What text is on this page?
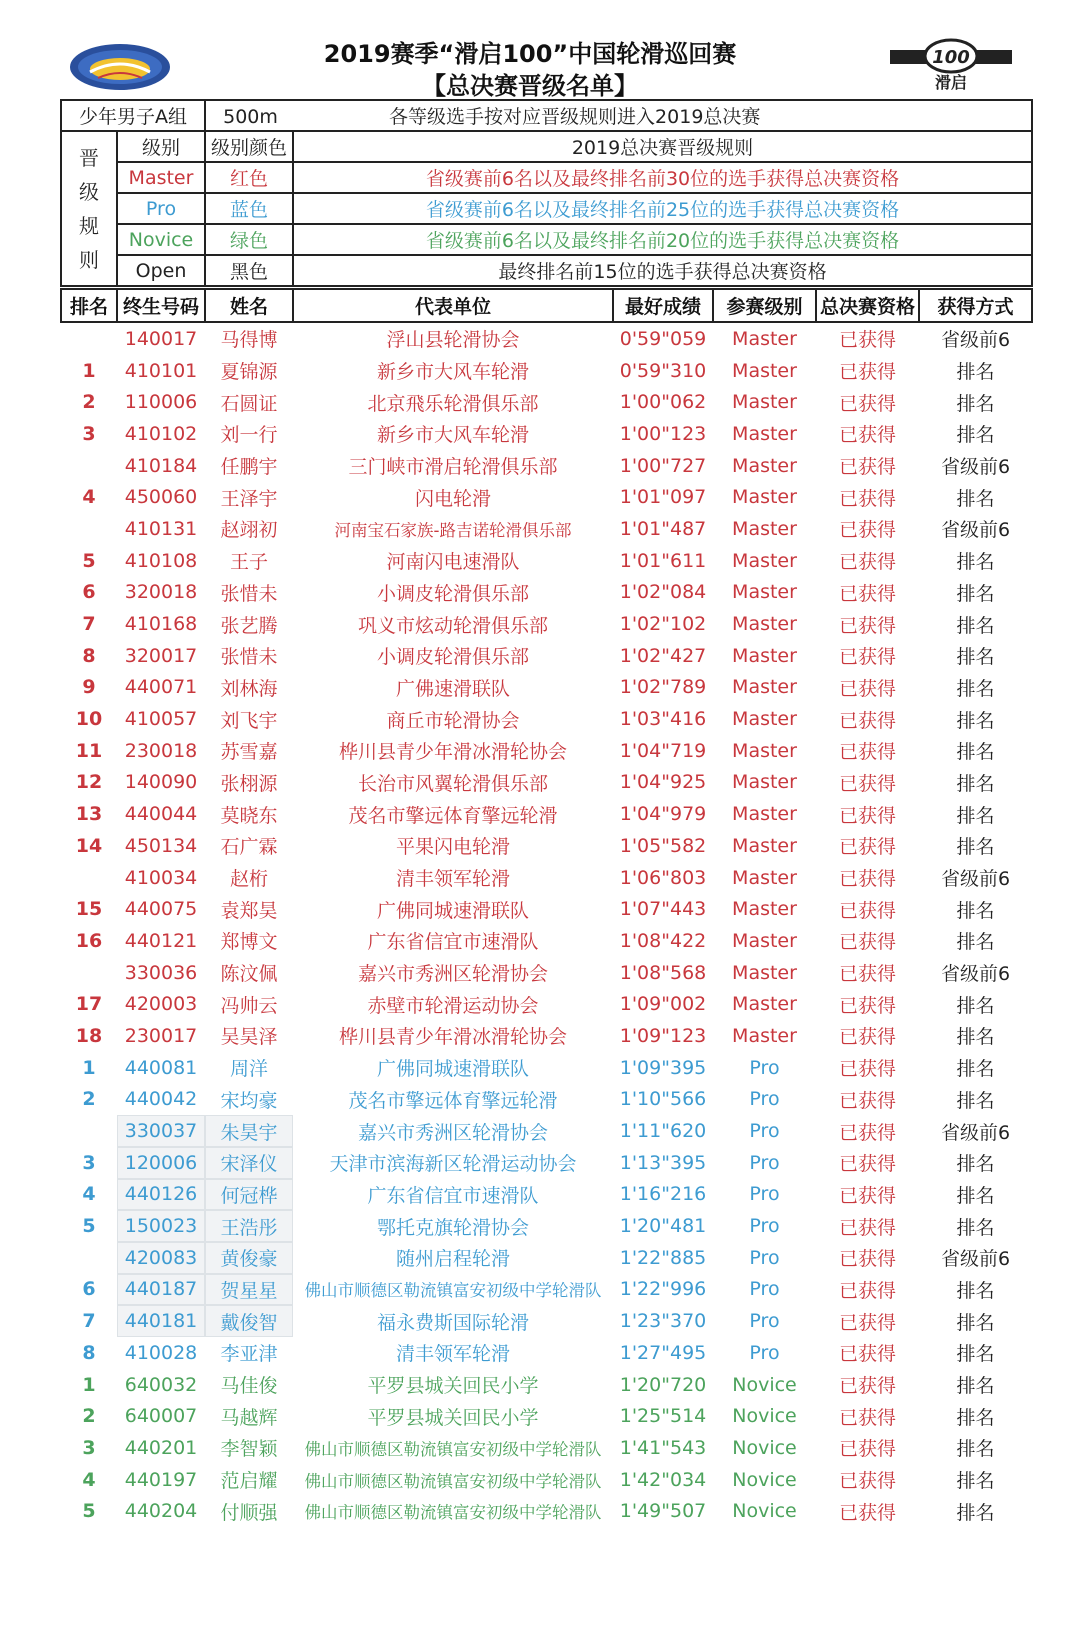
2019赛季“滑启100”中国轮滑巡回赛
【总决赛晋级名单】
100
滑启
少年男子A组		500m 各等级选手按对应晋级规则进入2019总决赛	

晋
级
规
则	级别	级别颜色	2019总决赛晋级规则
	Master	红色	省级赛前6名以及最终排名前30位的选手获得总决赛资格
	Pro	蓝色	省级赛前6名以及最终排名前25位的选手获得总决赛资格
	Novice	绿色	省级赛前6名以及最终排名前20位的选手获得总决赛资格
	Open	黑色	最终排名前15位的选手获得总决赛资格
排名	终生号码	姓名	代表单位	最好成绩	参赛级别	总决赛资格	获得方式
	140017	马得博	浮山县轮滑协会	0'59"059	Master	已获得	省级前6
1	410101	夏锦源	新乡市大风车轮滑	0'59"310	Master	已获得	排名
2	110006	石圆证	北京飛乐轮滑俱乐部	1'00"062	Master	已获得	排名
3	410102	刘一行	新乡市大风车轮滑	1'00"123	Master	已获得	排名
	410184	任鹏宇	三门峡市滑启轮滑俱乐部	1'00"727	Master	已获得	省级前6
4	450060	王泽宇	闪电轮滑	1'01"097	Master	已获得	排名
	410131	赵翊初	河南宝石家族-路吉诺轮滑俱乐部	1'01"487	Master	已获得	省级前6
5	410108	王子	河南闪电速滑队	1'01"611	Master	已获得	排名
6	320018	张惜未	小调皮轮滑俱乐部	1'02"084	Master	已获得	排名
7	410168	张艺腾	巩义市炫动轮滑俱乐部	1'02"102	Master	已获得	排名
8	320017	张惜未	小调皮轮滑俱乐部	1'02"427	Master	已获得	排名
9	440071	刘林海	广佛速滑联队	1'02"789	Master	已获得	排名
10	410057	刘飞宇	商丘市轮滑协会	1'03"416	Master	已获得	排名
11	230018	苏雪嘉	桦川县青少年滑冰滑轮协会	1'04"719	Master	已获得	排名
12	140090	张栩源	长治市风翼轮滑俱乐部	1'04"925	Master	已获得	排名
13	440044	莫晓东	茂名市擎远体育擎远轮滑	1'04"979	Master	已获得	排名
14	450134	石广霖	平果闪电轮滑	1'05"582	Master	已获得	排名
	410034	赵桁	清丰领军轮滑	1'06"803	Master	已获得	省级前6
15	440075	袁郑昊	广佛同城速滑联队	1'07"443	Master	已获得	排名
16	440121	郑博文	广东省信宜市速滑队	1'08"422	Master	已获得	排名
	330036	陈汶佩	嘉兴市秀洲区轮滑协会	1'08"568	Master	已获得	省级前6
17	420003	冯帅云	赤壁市轮滑运动协会	1'09"002	Master	已获得	排名
18	230017	吴昊泽	桦川县青少年滑冰滑轮协会	1'09"123	Master	已获得	排名
1	440081	周洋	广佛同城速滑联队	1'09"395	Pro	已获得	排名
2	440042	宋均豪	茂名市擎远体育擎远轮滑	1'10"566	Pro	已获得	排名
	330037	朱昊宇	嘉兴市秀洲区轮滑协会	1'11"620	Pro	已获得	省级前6
3	120006	宋泽仪	天津市滨海新区轮滑运动协会	1'13"395	Pro	已获得	排名
4	440126	何冠桦	广东省信宜市速滑队	1'16"216	Pro	已获得	排名
5	150023	王浩彤	鄂托克旗轮滑协会	1'20"481	Pro	已获得	排名
	420083	黄俊豪	随州启程轮滑	1'22"885	Pro	已获得	省级前6
6	440187	贺星星	佛山市顺德区勒流镇富安初级中学轮滑队	1'22"996	Pro	已获得	排名
7	440181	戴俊智	福永费斯国际轮滑	1'23"370	Pro	已获得	排名
8	410028	李亚津	清丰领军轮滑	1'27"495	Pro	已获得	排名
1	640032	马佳俊	平罗县城关回民小学	1'20"720	Novice	已获得	排名
2	640007	马越辉	平罗县城关回民小学	1'25"514	Novice	已获得	排名
3	440201	李智颖	佛山市顺德区勒流镇富安初级中学轮滑队	1'41"543	Novice	已获得	排名
4	440197	范启耀	佛山市顺德区勒流镇富安初级中学轮滑队	1'42"034	Novice	已获得	排名
5	440204	付顺强	佛山市顺德区勒流镇富安初级中学轮滑队	1'49"507	Novice	已获得	排名
